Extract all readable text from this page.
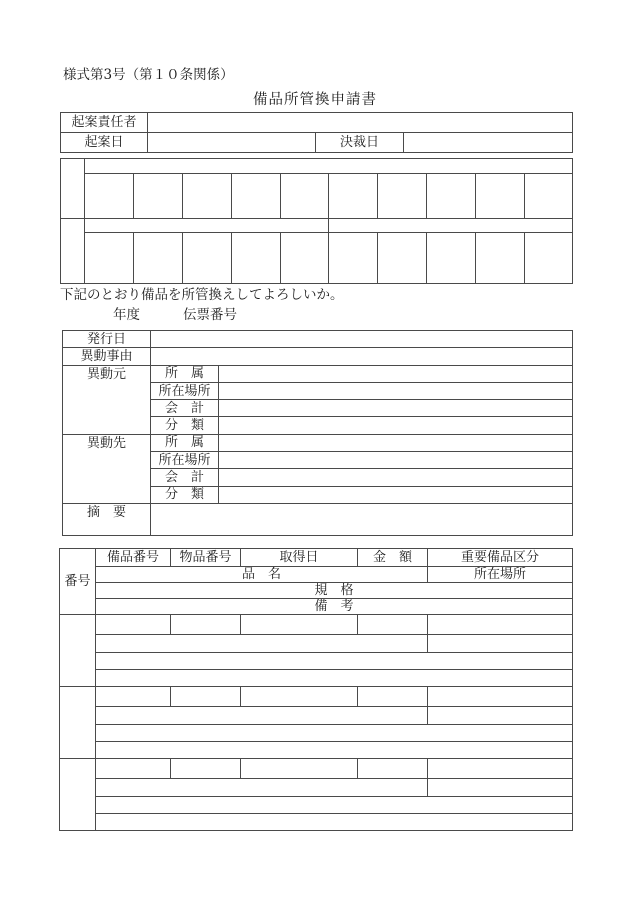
様式第3号（第１０条関係）
備品所管換申請書
起案責任者			
起案日		決裁日	

下記のとおり備品を所管換えしてよろしいか。
年度	伝票番号
発行日		
異動事由		
異動元	所　属	
	所在場所	
	会　計	
	分　類	
異動先	所　属	
	所在場所	
	会　計	
	分　類	
摘　要		
番号	備品番号	物品番号	取得日	金　額	重要備品区分
	品　名				所在場所
	規　格				
	備　考				
